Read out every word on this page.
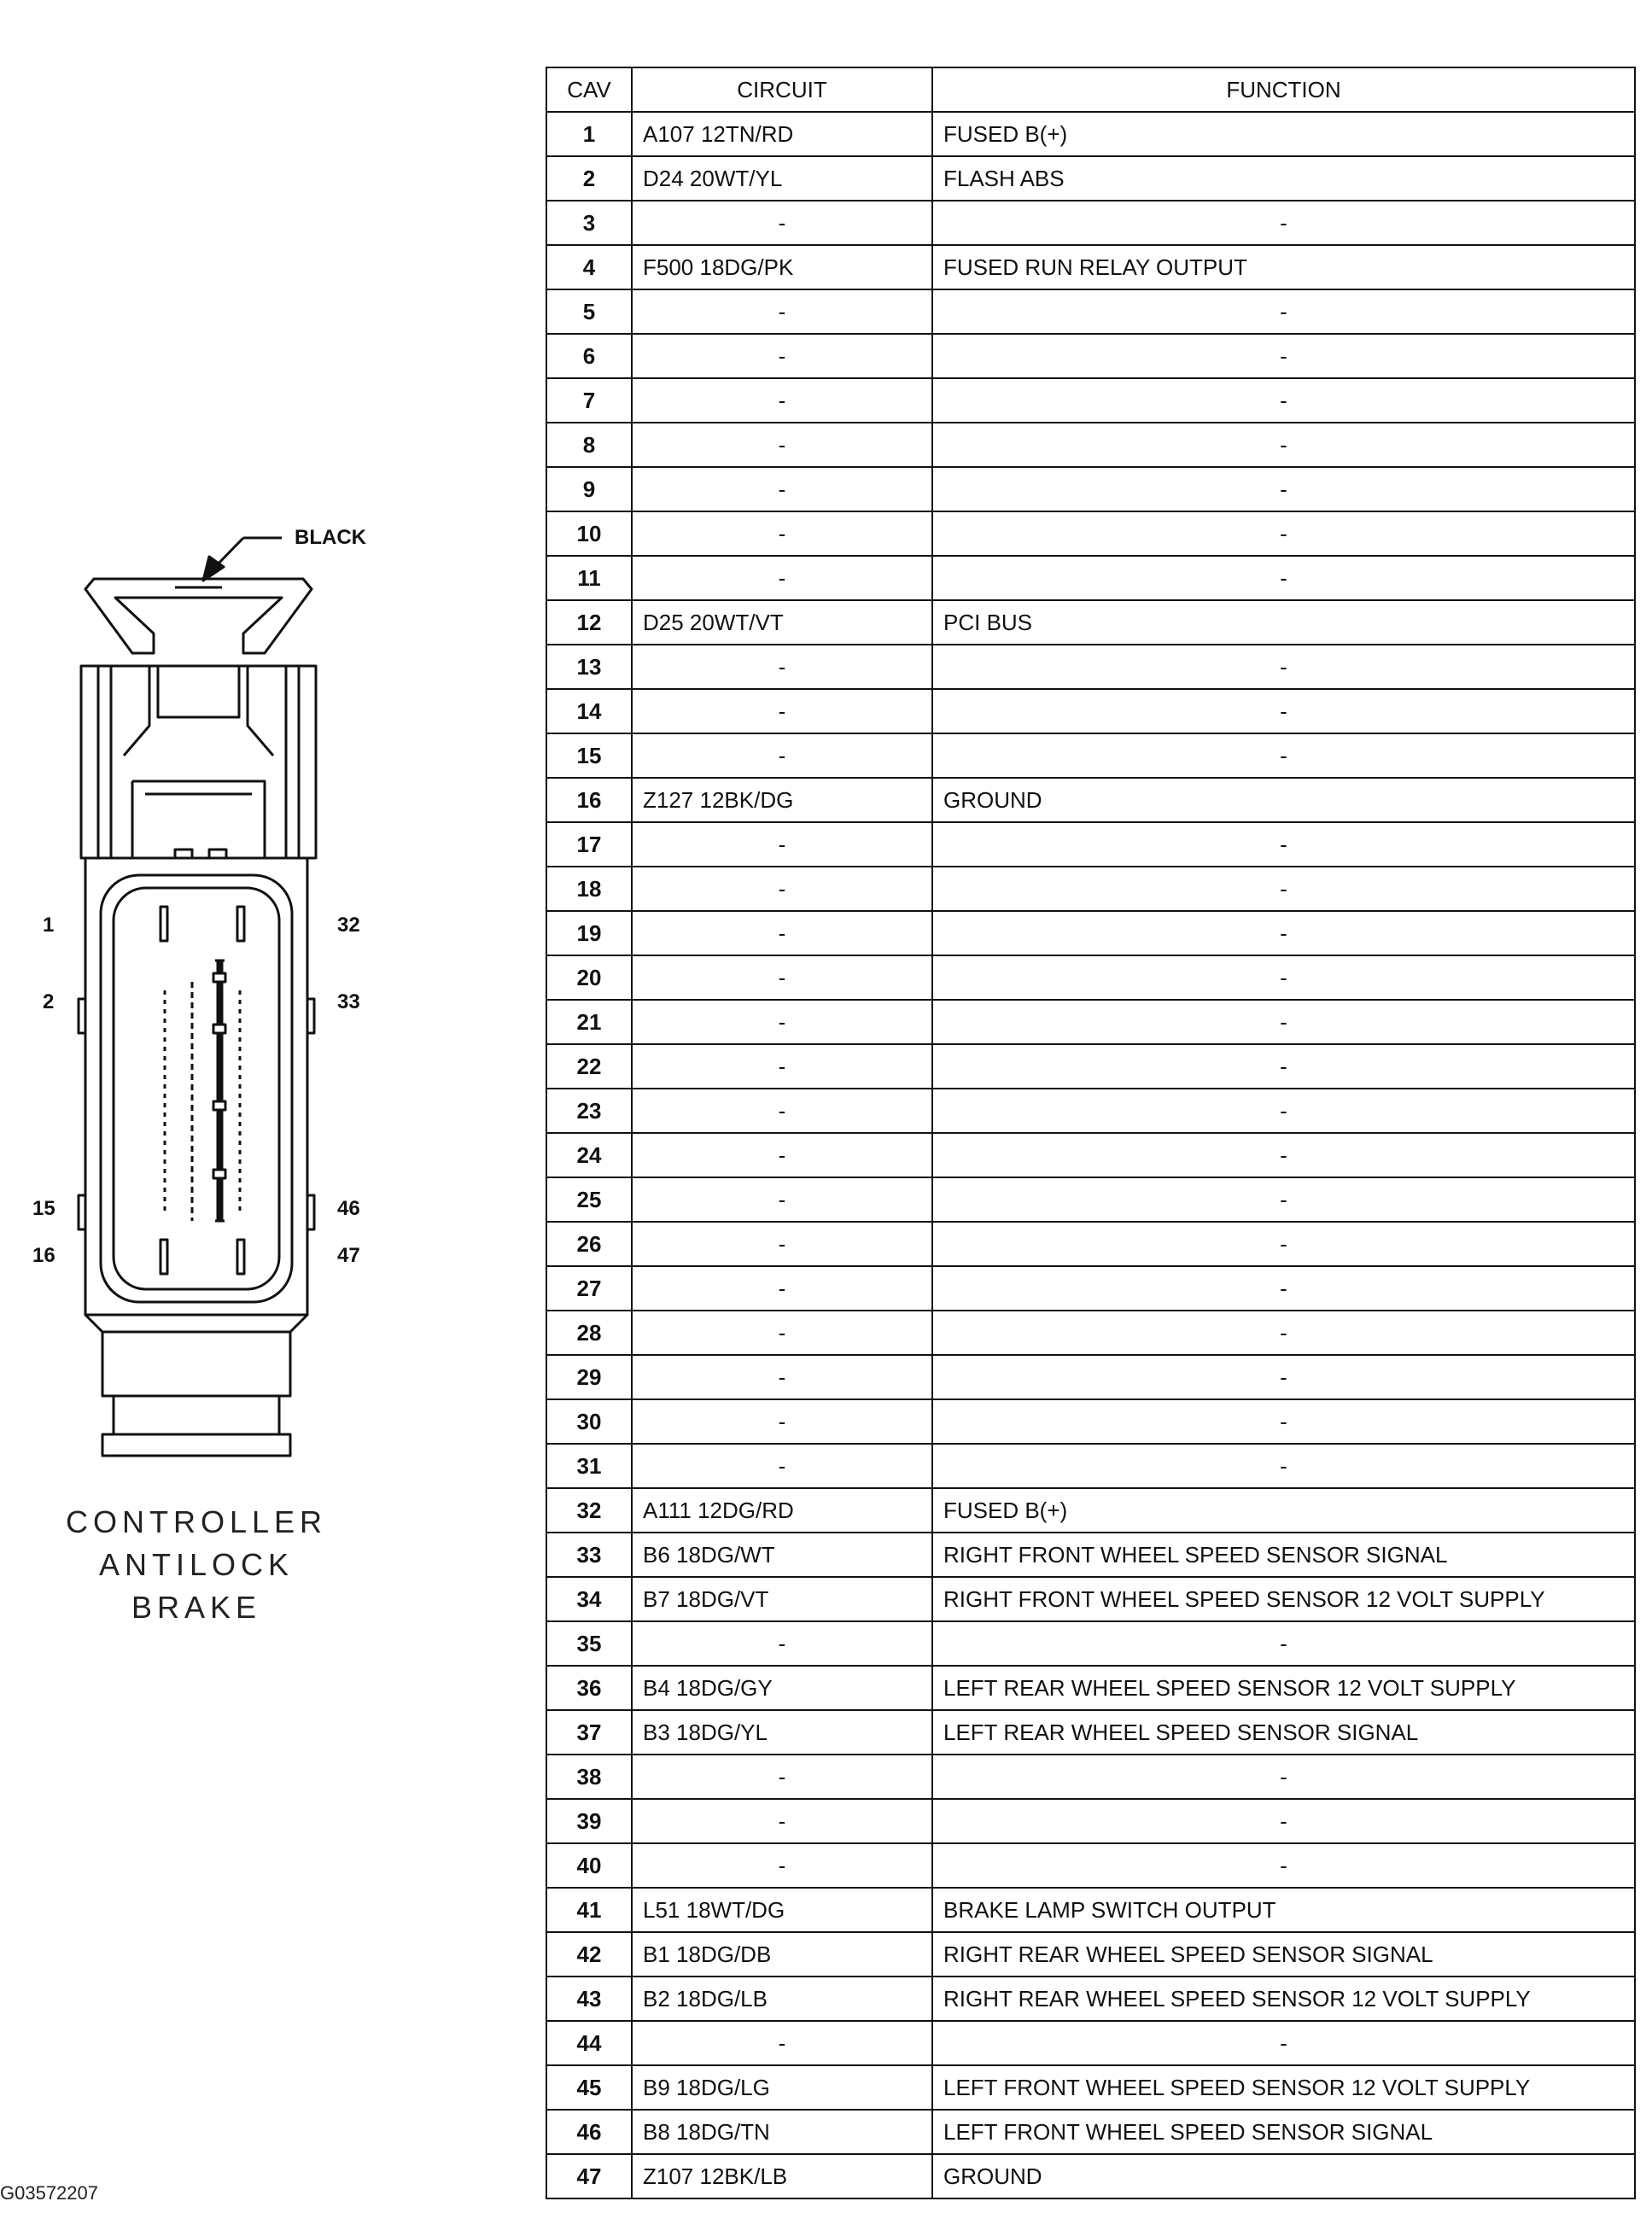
BLACK
1
2
15
16
32
33
46
47
CONTROLLER
ANTILOCK
BRAKE
G03572207
CAV	CIRCUIT	FUNCTION
1	A107 12TN/RD	FUSED B(+)
2	D24 20WT/YL	FLASH ABS
3	-	-
4	F500 18DG/PK	FUSED RUN RELAY OUTPUT
5	-	-
6	-	-
7	-	-
8	-	-
9	-	-
10	-	-
11	-	-
12	D25 20WT/VT	PCI BUS
13	-	-
14	-	-
15	-	-
16	Z127 12BK/DG	GROUND
17	-	-
18	-	-
19	-	-
20	-	-
21	-	-
22	-	-
23	-	-
24	-	-
25	-	-
26	-	-
27	-	-
28	-	-
29	-	-
30	-	-
31	-	-
32	A111 12DG/RD	FUSED B(+)
33	B6 18DG/WT	RIGHT FRONT WHEEL SPEED SENSOR SIGNAL
34	B7 18DG/VT	RIGHT FRONT WHEEL SPEED SENSOR 12 VOLT SUPPLY
35	-	-
36	B4 18DG/GY	LEFT REAR WHEEL SPEED SENSOR 12 VOLT SUPPLY
37	B3 18DG/YL	LEFT REAR WHEEL SPEED SENSOR SIGNAL
38	-	-
39	-	-
40	-	-
41	L51 18WT/DG	BRAKE LAMP SWITCH OUTPUT
42	B1 18DG/DB	RIGHT REAR WHEEL SPEED SENSOR SIGNAL
43	B2 18DG/LB	RIGHT REAR WHEEL SPEED SENSOR 12 VOLT SUPPLY
44	-	-
45	B9 18DG/LG	LEFT FRONT WHEEL SPEED SENSOR 12 VOLT SUPPLY
46	B8 18DG/TN	LEFT FRONT WHEEL SPEED SENSOR SIGNAL
47	Z107 12BK/LB	GROUND
